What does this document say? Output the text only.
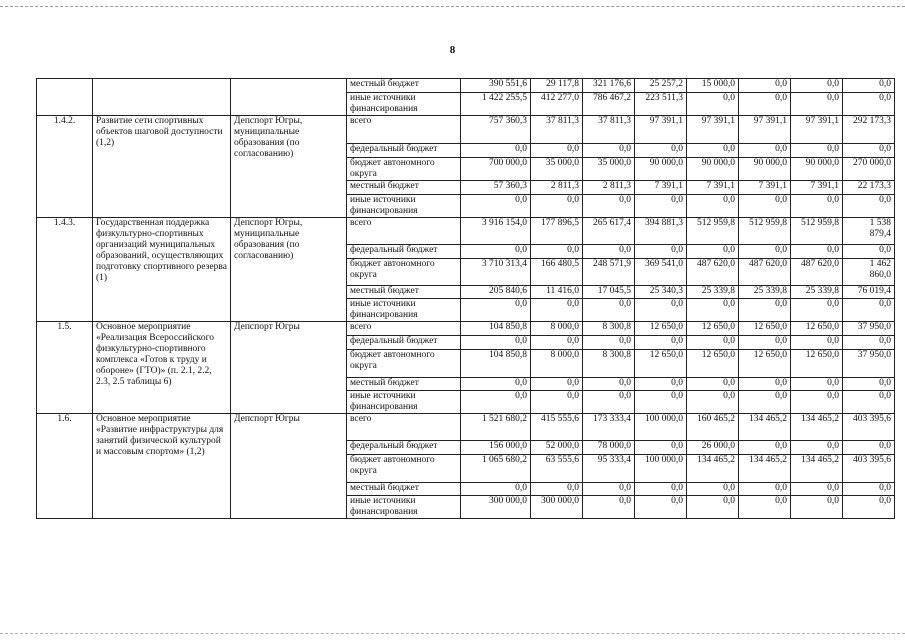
8
			местный бюджет	390 551,6	29 117,8	321 176,6	25 257,2	15 000,0	0,0	0,0	0,0
			иные источники финансирования	1 422 255,5	412 277,0	786 467,2	223 511,3	0,0	0,0	0,0	0,0
1.4.2.	Развитие сети спортивных объектов шаговой доступности (1,2)	Депспорт Югры, муниципальные образования (по согласованию)	всего	757 360,3	37 811,3	37 811,3	97 391,1	97 391,1	97 391,1	97 391,1	292 173,3
			федеральный бюджет	0,0	0,0	0,0	0,0	0,0	0,0	0,0	0,0
			бюджет автономного округа	700 000,0	35 000,0	35 000,0	90 000,0	90 000,0	90 000,0	90 000,0	270 000,0
			местный бюджет	57 360,3	2 811,3	2 811,3	7 391,1	7 391,1	7 391,1	7 391,1	22 173,3
			иные источники финансирования	0,0	0,0	0,0	0,0	0,0	0,0	0,0	0,0
1.4.3.	Государственная поддержка физкультурно-спортивных организаций муниципальных образований, осуществляющих подготовку спортивного резерва (1)	Депспорт Югры, муниципальные образования (по согласованию)	всего	3 916 154,0	177 896,5	265 617,4	394 881,3	512 959,8	512 959,8	512 959,8	1 538 879,4
			федеральный бюджет	0,0	0,0	0,0	0,0	0,0	0,0	0,0	0,0
			бюджет автономного округа	3 710 313,4	166 480,5	248 571,9	369 541,0	487 620,0	487 620,0	487 620,0	1 462 860,0
			местный бюджет	205 840,6	11 416,0	17 045,5	25 340,3	25 339,8	25 339,8	25 339,8	76 019,4
			иные источники финансирования	0,0	0,0	0,0	0,0	0,0	0,0	0,0	0,0
1.5.	Основное мероприятие «Реализация Всероссийского физкультурно-спортивного комплекса «Готов к труду и обороне» (ГТО)» (п. 2.1, 2.2, 2.3, 2.5 таблицы 6)	Депспорт Югры	всего	104 850,8	8 000,0	8 300,8	12 650,0	12 650,0	12 650,0	12 650,0	37 950,0
			федеральный бюджет	0,0	0,0	0,0	0,0	0,0	0,0	0,0	0,0
			бюджет автономного округа	104 850,8	8 000,0	8 300,8	12 650,0	12 650,0	12 650,0	12 650,0	37 950,0
			местный бюджет	0,0	0,0	0,0	0,0	0,0	0,0	0,0	0,0
			иные источники финансирования	0,0	0,0	0,0	0,0	0,0	0,0	0,0	0,0
1.6.	Основное мероприятие «Развитие инфраструктуры для занятий физической культурой и массовым спортом» (1,2)	Депспорт Югры	всего	1 521 680,2	415 555,6	173 333,4	100 000,0	160 465,2	134 465,2	134 465,2	403 395,6
			федеральный бюджет	156 000,0	52 000,0	78 000,0	0,0	26 000,0	0,0	0,0	0,0
			бюджет автономного округа	1 065 680,2	63 555,6	95 333,4	100 000,0	134 465,2	134 465,2	134 465,2	403 395,6
			местный бюджет	0,0	0,0	0,0	0,0	0,0	0,0	0,0	0,0
			иные источники финансирования	300 000,0	300 000,0	0,0	0,0	0,0	0,0	0,0	0,0
